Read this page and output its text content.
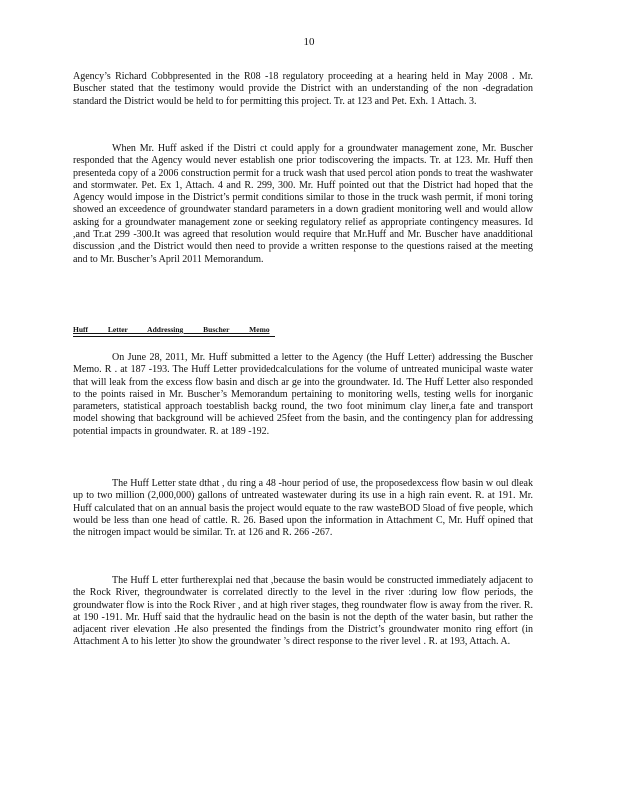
10

Agency’s Richard Cobbpresented in the R08 -18 regulatory proceeding at a hearing held in May 2008 . Mr. Buscher stated that the testimony would provide the District with an understanding of the non -degradation standard the District would be held to for permitting this project. Tr. at 123 and Pet. Exh. 1 Attach. 3.

When Mr. Huff asked if the Distri ct could apply for a groundwater management zone, Mr. Buscher responded that the Agency would never establish one prior todiscovering the impacts. Tr. at 123. Mr. Huff then presenteda copy of a 2006 construction permit for a truck wash that used percol ation ponds to treat the washwater and stormwater. Pet. Ex 1, Attach. 4 and R. 299, 300. Mr. Huff pointed out that the District had hoped that the Agency would impose in the District’s permit conditions similar to those in the truck wash permit, if moni toring showed an exceedence of groundwater standard parameters in a down gradient monitoring well and would allow asking for a groundwater management zone or seeking regulatory relief as appropriate contingency measures. Id ,and Tr.at 299 -300.It was agreed that resolution would require that Mr.Huff and Mr. Buscher have anadditional discussion ,and the District would then need to provide a written response to the questions raised at the meeting and to Mr. Buscher’s April 2011 Memorandum.

Huff Letter Addressing Buscher Memo

On June 28, 2011, Mr. Huff submitted a letter to the Agency (the Huff Letter) addressing the Buscher Memo. R . at 187 -193. The Huff Letter providedcalculations for the volume of untreated municipal waste water that will leak from the excess flow basin and disch ar ge into the groundwater. Id. The Huff Letter also responded to the points raised in Mr. Buscher’s Memorandum pertaining to monitoring wells, testing wells for inorganic parameters, statistical approach toestablish backg round, the two foot minimum clay liner,a fate and transport model showing that background will be achieved 25feet from the basin, and the contingency plan for addressing potential impacts in groundwater. R. at 189 -192.

The Huff Letter state dthat , du ring a 48 -hour period of use, the proposedexcess flow basin w oul dleak up to two million (2,000,000) gallons of untreated wastewater during its use in a high rain event. R. at 191. Mr. Huff calculated that on an annual basis the project would equate to the raw wasteBOD 5load of five people, which would be less than one head of cattle. R. 26. Based upon the information in Attachment C, Mr. Huff opined that the nitrogen impact would be similar. Tr. at 126 and R. 266 -267.

The Huff L etter furtherexplai ned that ,because the basin would be constructed immediately adjacent to the Rock River, thegroundwater is correlated directly to the level in the river :during low flow periods, the groundwater flow is into the Rock River , and at high river stages, theg roundwater flow is away from the river. R. at 190 -191. Mr. Huff said that the hydraulic head on the basin is not the depth of the water basin, but rather the adjacent river elevation .He also presented the findings from the District’s groundwater monito ring effort (in Attachment A to his letter )to show the groundwater ’s direct response to the river level . R. at 193, Attach. A.
